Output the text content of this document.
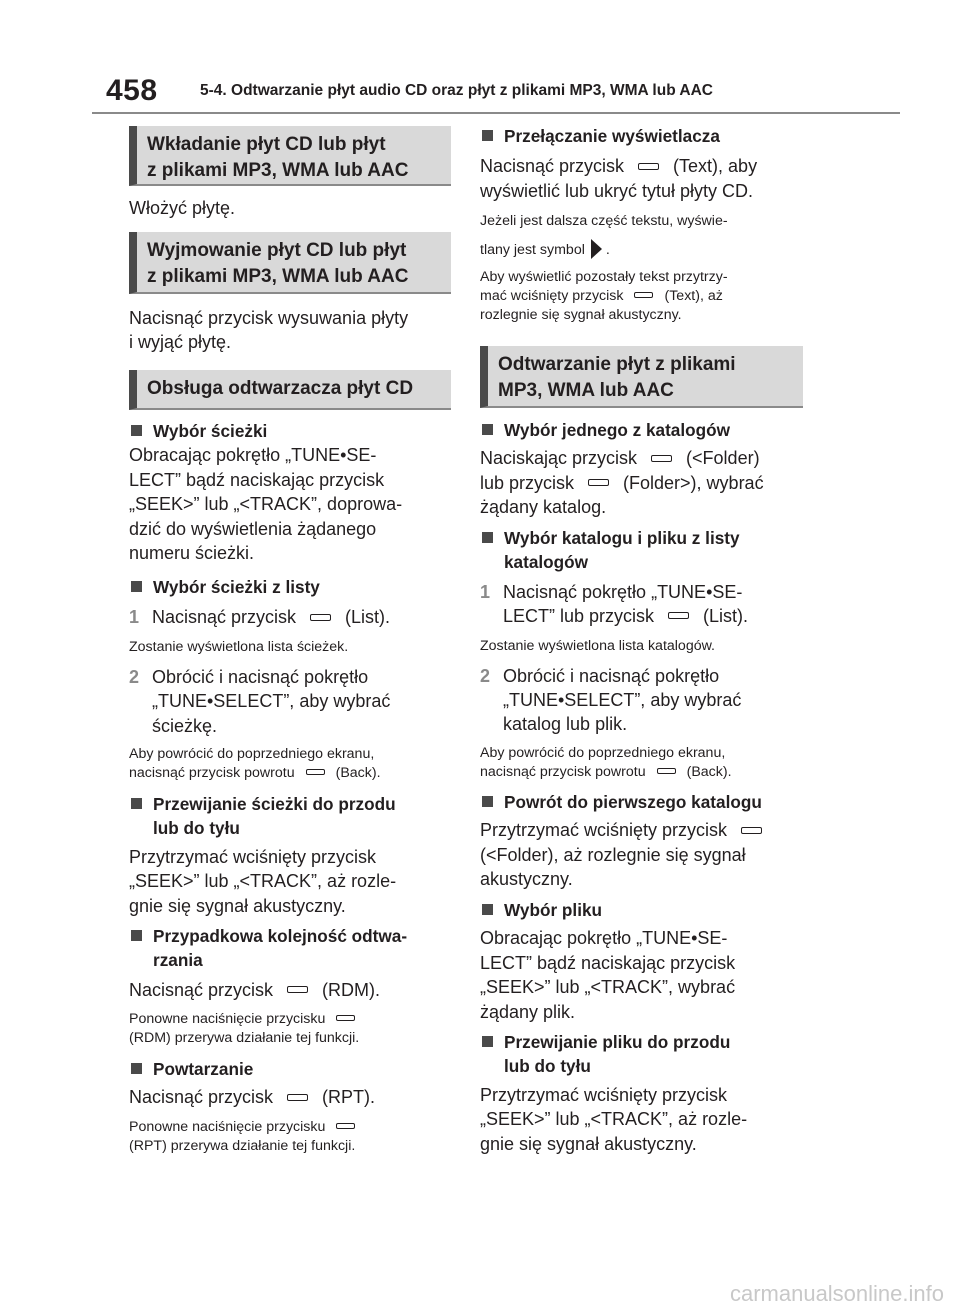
458	5-4. Odtwarzanie płyt audio CD oraz płyt z plikami MP3, WMA lub AAC
Wkładanie płyt CD lub płyt
z plikami MP3, WMA lub AAC
Włożyć płytę.
Wyjmowanie płyt CD lub płyt
z plikami MP3, WMA lub AAC
Nacisnąć przycisk wysuwania płyty
i wyjąć płytę.
Obsługa odtwarzacza płyt CD
Wybór ścieżki
Obracając pokrętło „TUNE•SE-
LECT” bądź naciskając przycisk
„SEEK>” lub „<TRACK”, doprowa-
dzić do wyświetlenia żądanego
numeru ścieżki.
Wybór ścieżki z listy
1 Nacisnąć przycisk	(List).
Zostanie wyświetlona lista ścieżek.
2 Obrócić i nacisnąć pokrętło
„TUNE•SELECT”, aby wybrać
ścieżkę.
Aby powrócić do poprzedniego ekranu,
nacisnąć przycisk powrotu	(Back).
Przewijanie ścieżki do przodu
lub do tyłu
Przytrzymać wciśnięty przycisk
„SEEK>” lub „<TRACK”, aż rozle-
gnie się sygnał akustyczny.
Przypadkowa kolejność odtwa-
rzania
Nacisnąć przycisk	(RDM).
Ponowne naciśnięcie przycisku
(RDM) przerywa działanie tej funkcji.
Powtarzanie
Nacisnąć przycisk	(RPT).
Ponowne naciśnięcie przycisku
(RPT) przerywa działanie tej funkcji.
Przełączanie wyświetlacza
Nacisnąć przycisk	(Text), aby
wyświetlić lub ukryć tytuł płyty CD.
Jeżeli jest dalsza część tekstu, wyświe-
tlany jest symbol .
Aby wyświetlić pozostały tekst przytrzy-
mać wciśnięty przycisk	(Text), aż
rozlegnie się sygnał akustyczny.
Odtwarzanie płyt z plikami
MP3, WMA lub AAC
Wybór jednego z katalogów
Naciskając przycisk	(<Folder)
lub przycisk	(Folder>), wybrać
żądany katalog.
Wybór katalogu i pliku z listy
katalogów
1 Nacisnąć pokrętło „TUNE•SE-
LECT” lub przycisk	(List).
Zostanie wyświetlona lista katalogów.
2 Obrócić i nacisnąć pokrętło
„TUNE•SELECT”, aby wybrać
katalog lub plik.
Aby powrócić do poprzedniego ekranu,
nacisnąć przycisk powrotu	(Back).
Powrót do pierwszego katalogu
Przytrzymać wciśnięty przycisk
(<Folder), aż rozlegnie się sygnał
akustyczny.
Wybór pliku
Obracając pokrętło „TUNE•SE-
LECT” bądź naciskając przycisk
„SEEK>” lub „<TRACK”, wybrać
żądany plik.
Przewijanie pliku do przodu
lub do tyłu
Przytrzymać wciśnięty przycisk
„SEEK>” lub „<TRACK”, aż rozle-
gnie się sygnał akustyczny.
carmanualsonline.info
